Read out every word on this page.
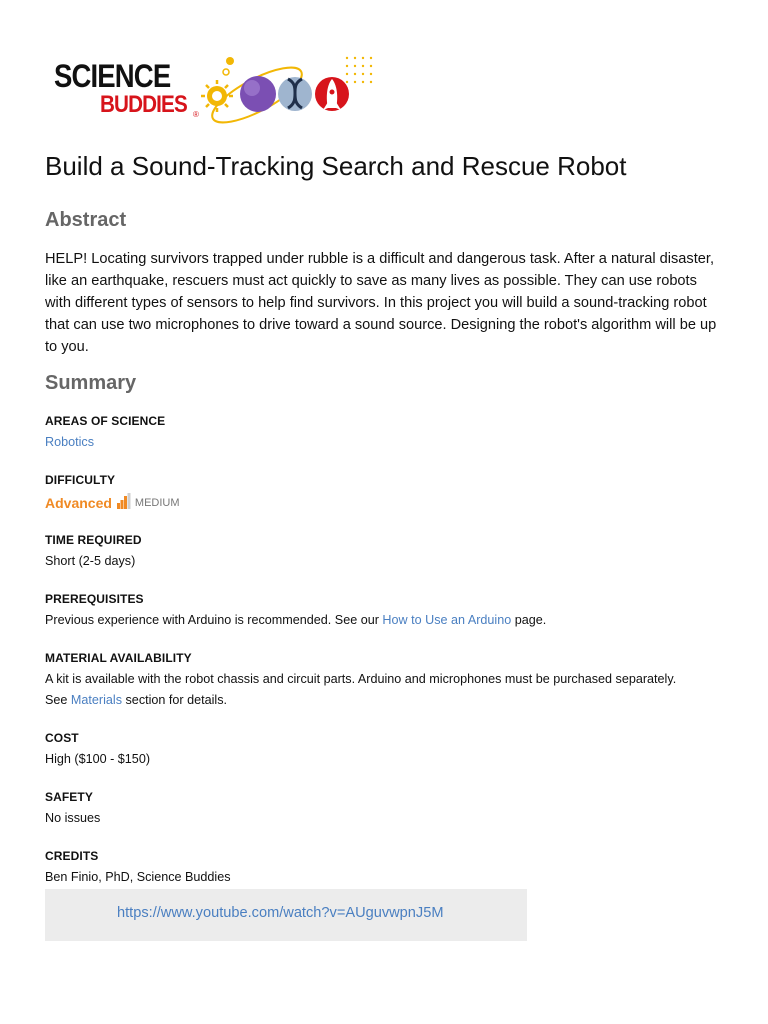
SCIENCE
BUDDIES ®
Build a Sound-Tracking Search and Rescue Robot
Abstract

HELP! Locating survivors trapped under rubble is a difficult and dangerous task. After a natural disaster, like an earthquake, rescuers must act quickly to save as many lives as possible. They can use robots with different types of sensors to help find survivors. In this project you will build a sound-tracking robot that can use two microphones to drive toward a sound source. Designing the robot's algorithm will be up to you.

Summary
AREAS OF SCIENCE
Robotics
DIFFICULTY
Advanced MEDIUM
TIME REQUIRED
Short (2-5 days)
PREREQUISITES
Previous experience with Arduino is recommended. See our How to Use an Arduino page.
MATERIAL AVAILABILITY
A kit is available with the robot chassis and circuit parts. Arduino and microphones must be purchased separately.
See Materials section for details.
COST
High ($100 - $150)
SAFETY
No issues
CREDITS
Ben Finio, PhD, Science Buddies
https://www.youtube.com/watch?v=AUguvwpnJ5M
